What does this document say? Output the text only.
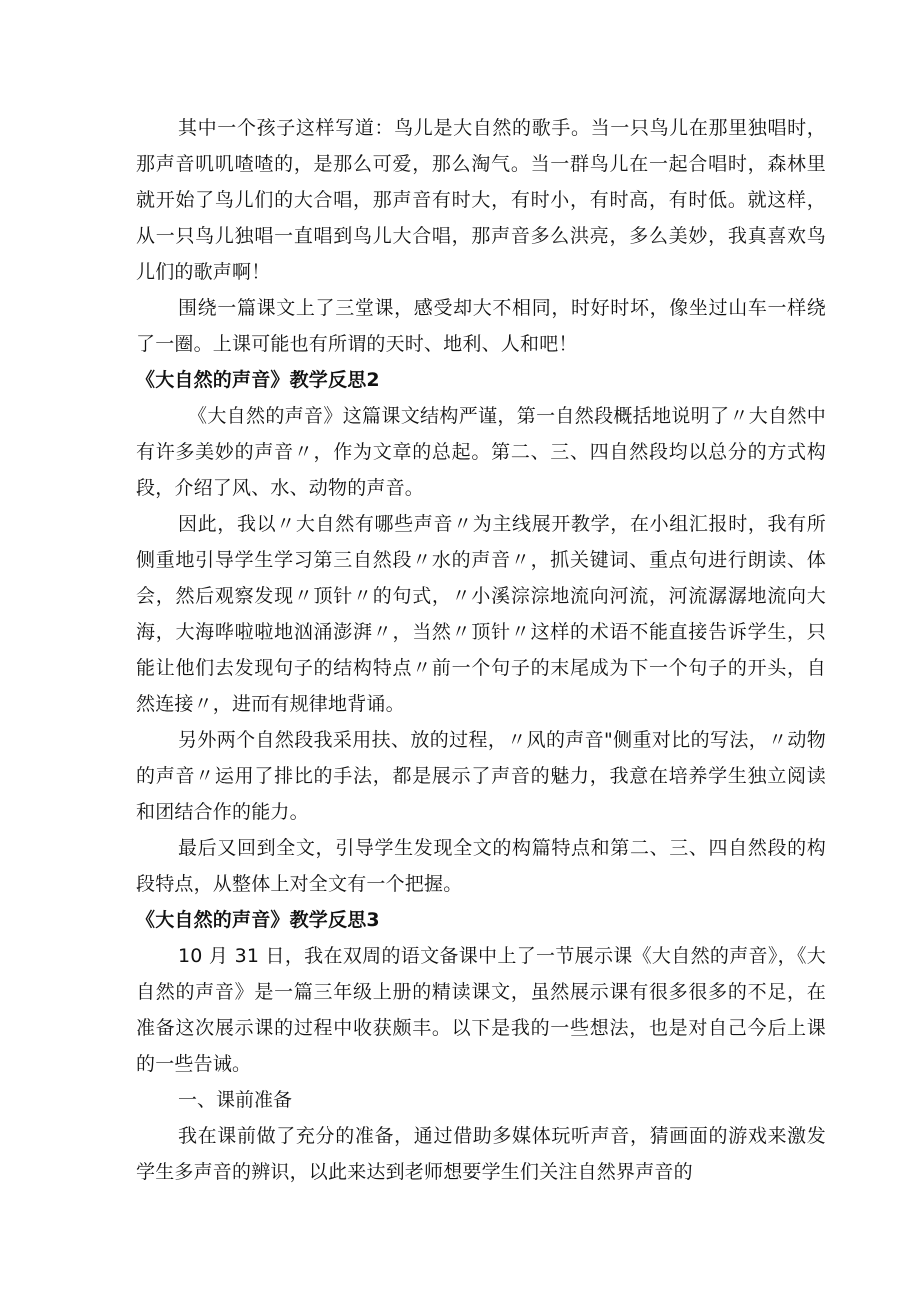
其中一个孩子这样写道：鸟儿是大自然的歌手。当一只鸟儿在那里独唱时，那声音叽叽喳喳的，是那么可爱，那么淘气。当一群鸟儿在一起合唱时，森林里就开始了鸟儿们的大合唱，那声音有时大，有时小，有时高，有时低。就这样，从一只鸟儿独唱一直唱到鸟儿大合唱，那声音多么洪亮，多么美妙，我真喜欢鸟儿们的歌声啊！

围绕一篇课文上了三堂课，感受却大不相同，时好时坏，像坐过山车一样绕了一圈。上课可能也有所谓的天时、地利、人和吧！

《大自然的声音》教学反思2

《大自然的声音》这篇课文结构严谨，第一自然段概括地说明了〃大自然中有许多美妙的声音〃，作为文章的总起。第二、三、四自然段均以总分的方式构段，介绍了风、水、动物的声音。

因此，我以〃大自然有哪些声音〃为主线展开教学，在小组汇报时，我有所侧重地引导学生学习第三自然段〃水的声音〃，抓关键词、重点句进行朗读、体会，然后观察发现〃顶针〃的句式，〃小溪淙淙地流向河流，河流潺潺地流向大海，大海哗啦啦地汹涌澎湃〃，当然〃顶针〃这样的术语不能直接告诉学生，只能让他们去发现句子的结构特点〃前一个句子的末尾成为下一个句子的开头，自然连接〃，进而有规律地背诵。

另外两个自然段我采用扶、放的过程，〃风的声音"侧重对比的写法，〃动物的声音〃运用了排比的手法，都是展示了声音的魅力，我意在培养学生独立阅读和团结合作的能力。

最后又回到全文，引导学生发现全文的构篇特点和第二、三、四自然段的构段特点，从整体上对全文有一个把握。

《大自然的声音》教学反思3

10 月 31 日，我在双周的语文备课中上了一节展示课《大自然的声音》，《大自然的声音》是一篇三年级上册的精读课文，虽然展示课有很多很多的不足，在准备这次展示课的过程中收获颇丰。以下是我的一些想法，也是对自己今后上课的一些告诫。

一、课前准备

我在课前做了充分的准备，通过借助多媒体玩听声音，猜画面的游戏来激发学生多声音的辨识，以此来达到老师想要学生们关注自然界声音的
